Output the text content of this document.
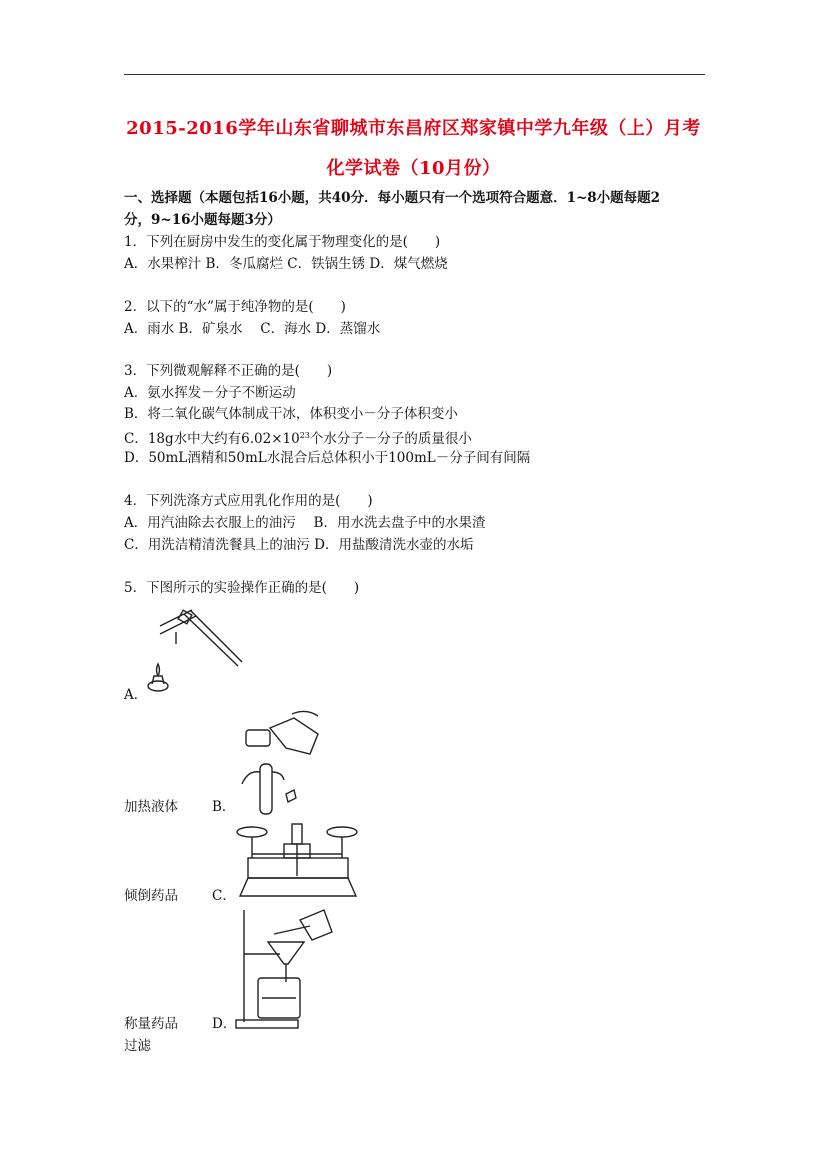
2015-2016学年山东省聊城市东昌府区郑家镇中学九年级（上）月考
化学试卷（10月份）
一、选择题（本题包括16小题，共40分．每小题只有一个选项符合题意．1~8小题每题2
分，9~16小题每题3分）
1．下列在厨房中发生的变化属于物理变化的是(　　)
A．水果榨汁 B．冬瓜腐烂 C．铁锅生锈 D．煤气燃烧
2．以下的“水”属于纯净物的是(　　)
A．雨水 B．矿泉水　 C．海水 D．蒸馏水
3．下列微观解释不正确的是(　　)
A．氨水挥发－分子不断运动
B．将二氧化碳气体制成干冰，体积变小－分子体积变小
C．18g水中大约有$6.02\times 10^{23}$个水分子－分子的质量很小
D．50mL酒精和50mL水混合后总体积小于100mL－分子间有间隔
4．下列洗涤方式应用乳化作用的是(　　)
A．用汽油除去衣服上的油污　 B．用水洗去盘子中的水果渣
C．用洗洁精清洗餐具上的油污 D．用盐酸清洗水壶的水垢
5．下图所示的实验操作正确的是(　　)
A．
加热液体	B．
倾倒药品	C．
称量药品	D．
过滤
